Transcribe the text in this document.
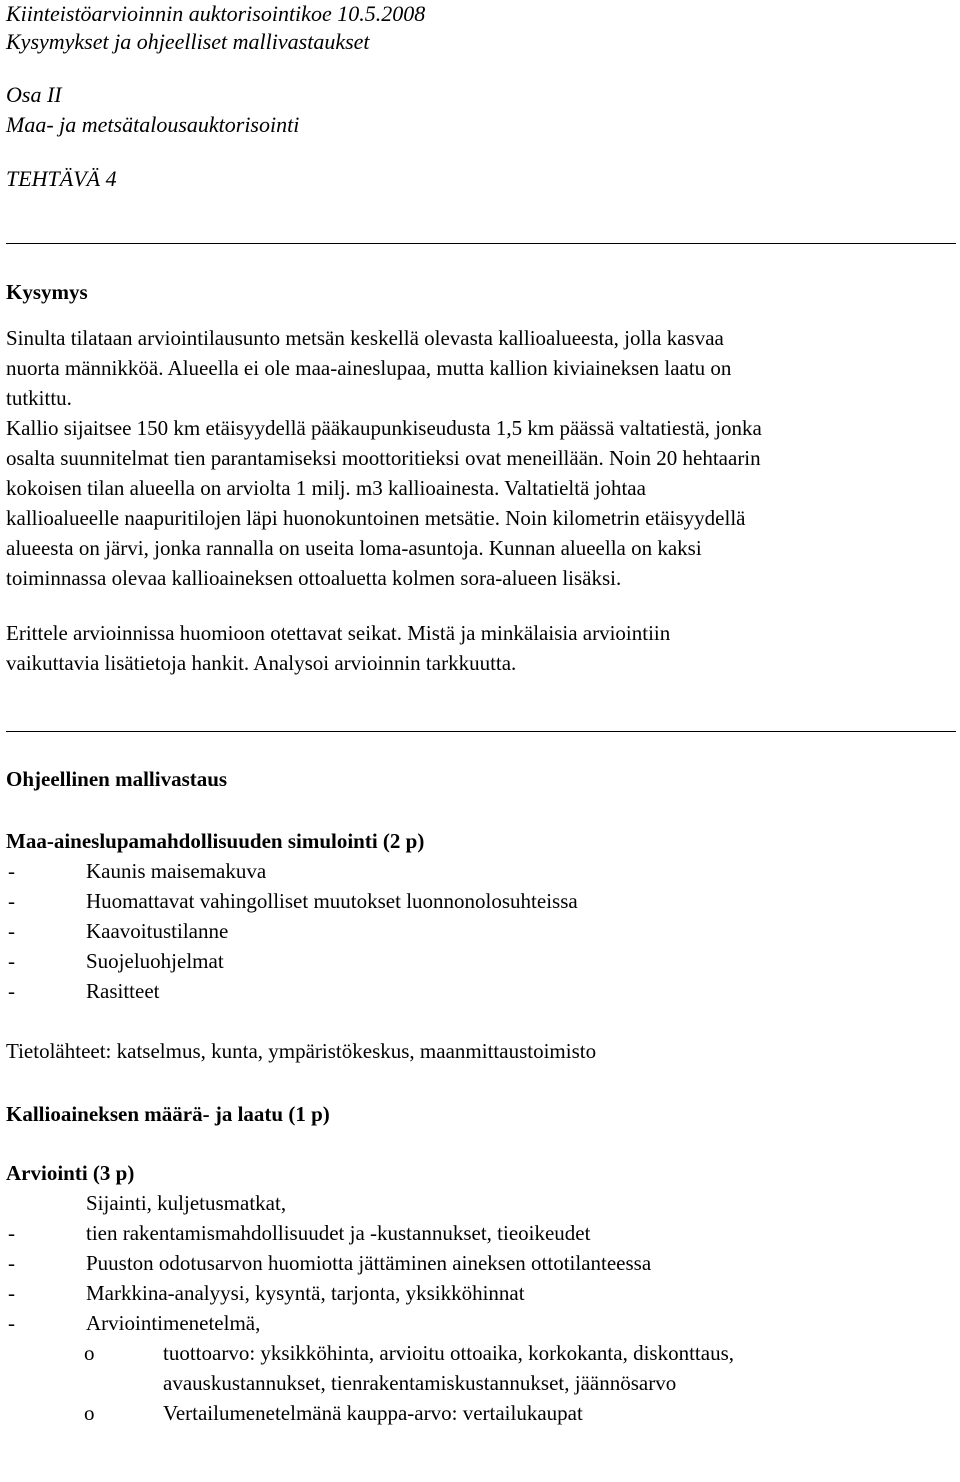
Kiinteistöarvioinnin auktorisointikoe 10.5.2008

Kysymykset ja ohjeelliset mallivastaukset

Osa II

Maa- ja metsätalousauktorisointi

TEHTÄVÄ 4

Kysymys

Sinulta tilataan arviointilausunto metsän keskellä olevasta kallioalueesta, jolla kasvaa

nuorta männikköä. Alueella ei ole maa-aineslupaa, mutta kallion kiviaineksen laatu on

tutkittu.

Kallio sijaitsee 150 km etäisyydellä pääkaupunkiseudusta 1,5 km päässä valtatiestä, jonka

osalta suunnitelmat tien parantamiseksi moottoritieksi ovat meneillään. Noin 20 hehtaarin

kokoisen tilan alueella on arviolta 1 milj. m3 kallioainesta. Valtatieltä johtaa

kallioalueelle naapuritilojen läpi huonokuntoinen metsätie. Noin kilometrin etäisyydellä

alueesta on järvi, jonka rannalla on useita loma-asuntoja. Kunnan alueella on kaksi

toiminnassa olevaa kallioaineksen ottoaluetta kolmen sora-alueen lisäksi.

Erittele arvioinnissa huomioon otettavat seikat. Mistä ja minkälaisia arviointiin

vaikuttavia lisätietoja hankit. Analysoi arvioinnin tarkkuutta.

Ohjeellinen mallivastaus

Maa-aineslupamahdollisuuden simulointi (2 p)

-	Kaunis maisemakuva
-	Huomattavat vahingolliset muutokset luonnonolosuhteissa
-	Kaavoitustilanne
-	Suojeluohjelmat
-	Rasitteet

Tietolähteet: katselmus, kunta, ympäristökeskus, maanmittaustoimisto

Kallioaineksen määrä- ja laatu (1 p)

Arviointi (3 p)

Sijainti, kuljetusmatkat,

-	tien rakentamismahdollisuudet ja -kustannukset, tieoikeudet
-	Puuston odotusarvon huomiotta jättäminen aineksen ottotilanteessa
-	Markkina-analyysi, kysyntä, tarjonta, yksikköhinnat
-	Arviointimenetelmä,
o	tuottoarvo: yksikköhinta, arvioitu ottoaika, korkokanta, diskonttaus,

avauskustannukset, tienrakentamiskustannukset, jäännösarvo

o	Vertailumenetelmänä kauppa-arvo: vertailukaupat
